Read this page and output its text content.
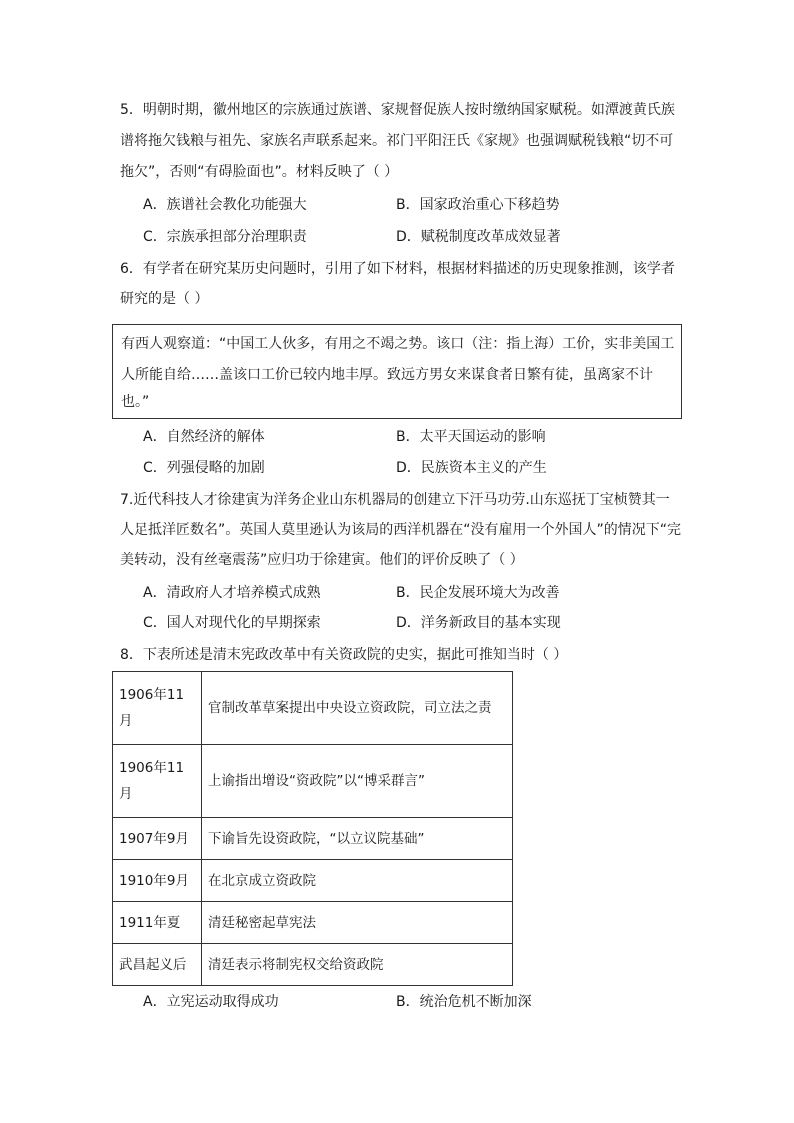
5．明朝时期，徽州地区的宗族通过族谱、家规督促族人按时缴纳国家赋税。如潭渡黄氏族
谱将拖欠钱粮与祖先、家族名声联系起来。祁门平阳汪氏《家规》也强调赋税钱粮“切不可
拖欠”，否则“有碍脸面也”。材料反映了（ ）
A．族谱社会教化功能强大	B．国家政治重心下移趋势
C．宗族承担部分治理职责	D．赋税制度改革成效显著
6．有学者在研究某历史问题时，引用了如下材料，根据材料描述的历史现象推测，该学者
研究的是（ ）
有西人观察道：“中国工人伙多，有用之不竭之势。该口（注：指上海）工价，实非美国工
人所能自给……盖该口工价已较内地丰厚。致远方男女来谋食者日繁有徒，虽离家不计
也。”
A．自然经济的解体	B．太平天国运动的影响
C．列强侵略的加剧	D．民族资本主义的产生
7.近代科技人才徐建寅为洋务企业山东机器局的创建立下汗马功劳.山东巡抚丁宝桢赞其一
人足抵洋匠数名”。英国人莫里逊认为该局的西洋机器在“没有雇用一个外国人”的情况下“完
美转动，没有丝毫震荡”应归功于徐建寅。他们的评价反映了（ ）
A．清政府人才培养模式成熟	B．民企发展环境大为改善
C．国人对现代化的早期探索	D．洋务新政目的基本实现
8．下表所述是清末宪政改革中有关资政院的史实，据此可推知当时（ ）
1906年11月	官制改革草案提出中央设立资政院，司立法之责
1906年11月	上谕指出增设“资政院”以“博采群言”
1907年9月	下谕旨先设资政院，“以立议院基础”
1910年9月	在北京成立资政院
1911年夏	清廷秘密起草宪法
武昌起义后	清廷表示将制宪权交给资政院
A．立宪运动取得成功	B．统治危机不断加深
